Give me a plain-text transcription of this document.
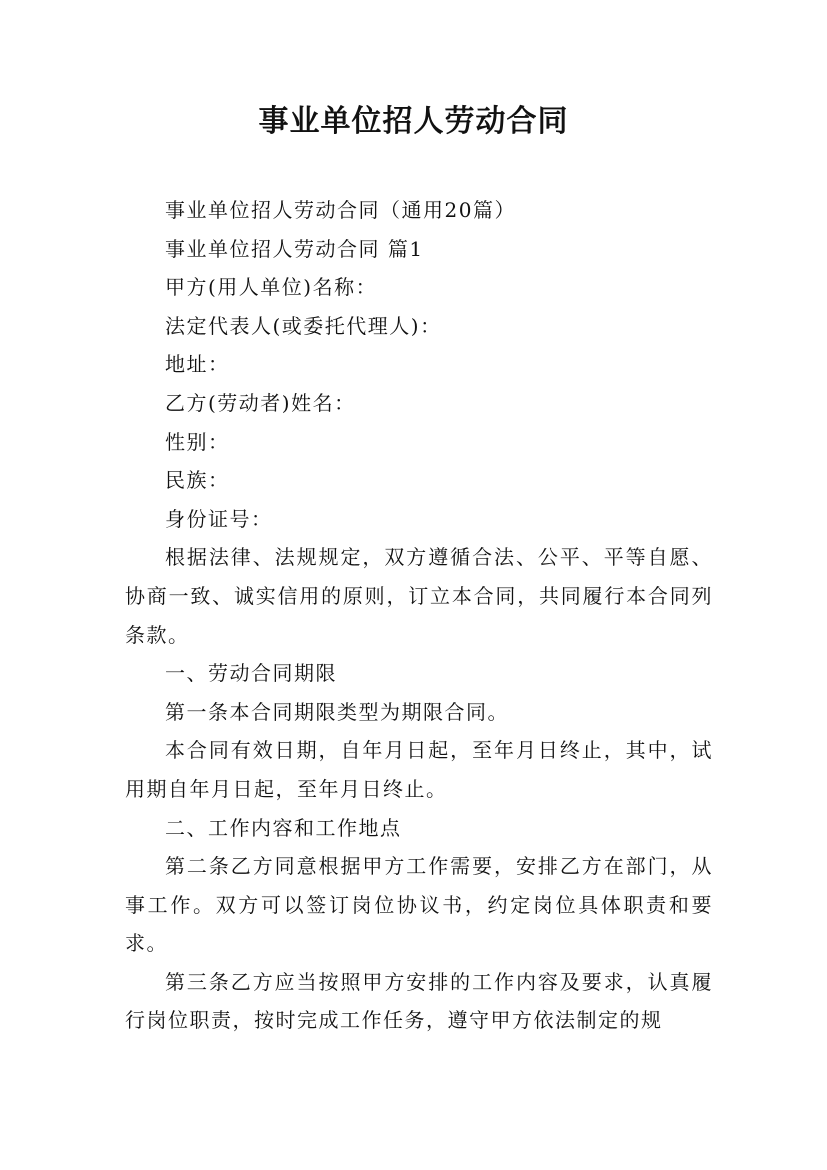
事业单位招人劳动合同

事业单位招人劳动合同（通用20篇）

事业单位招人劳动合同 篇1

甲方(用人单位)名称：

法定代表人(或委托代理人)：

地址：

乙方(劳动者)姓名：

性别：

民族：

身份证号：

根据法律、法规规定，双方遵循合法、公平、平等自愿、协商一致、诚实信用的原则，订立本合同，共同履行本合同列条款。

一、劳动合同期限

第一条本合同期限类型为期限合同。

本合同有效日期，自年月日起，至年月日终止，其中，试用期自年月日起，至年月日终止。

二、工作内容和工作地点

第二条乙方同意根据甲方工作需要，安排乙方在部门，从事工作。双方可以签订岗位协议书，约定岗位具体职责和要求。

第三条乙方应当按照甲方安排的工作内容及要求，认真履行岗位职责，按时完成工作任务，遵守甲方依法制定的规
